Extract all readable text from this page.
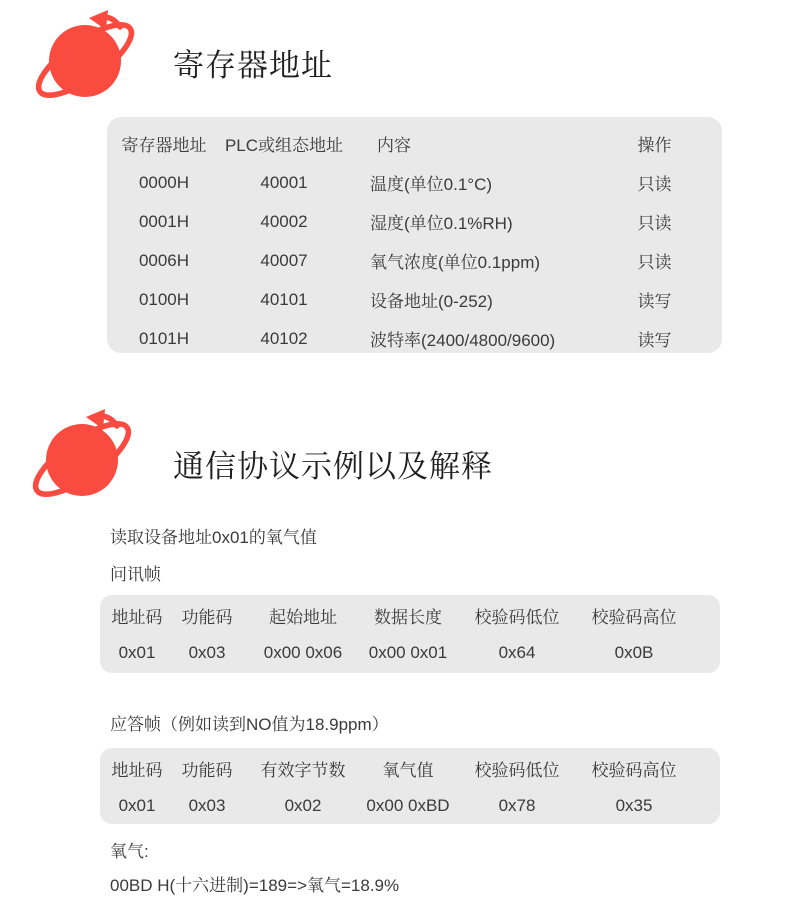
寄存器地址
寄存器地址	PLC或组态地址	内容	操作
0000H	40001	温度(单位0.1°C)	只读
0001H	40002	湿度(单位0.1%RH)	只读
0006H	40007	氧气浓度(单位0.1ppm)	只读
0100H	40101	设备地址(0-252)	读写
0101H	40102	波特率(2400/4800/9600)	读写
通信协议示例以及解释
读取设备地址0x01的氧气值
问讯帧
地址码	功能码	起始地址	数据长度	校验码低位	校验码高位
0x01	0x03	0x00 0x06	0x00 0x01	0x64	0x0B
应答帧（例如读到NO值为18.9ppm）
地址码	功能码	有效字节数	氧气值	校验码低位	校验码高位
0x01	0x03	0x02	0x00 0xBD	0x78	0x35
氧气:
00BD H(十六进制)=189=>氧气=18.9%
